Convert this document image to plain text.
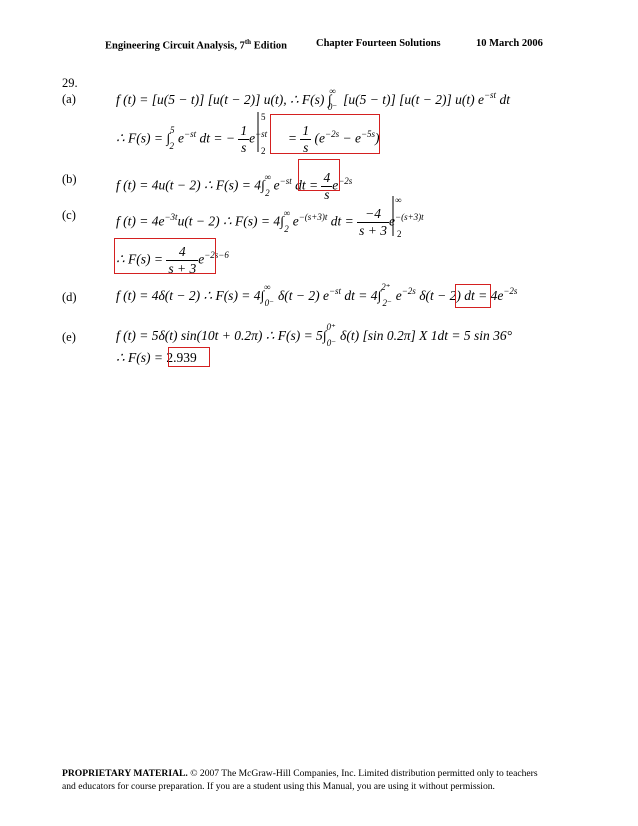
Engineering Circuit Analysis, 7th Edition	Chapter Fourteen Solutions	10 March 2006
29.
(a)	f (t) = [u(5 − t)] [u(t − 2)] u(t), ∴ F(s) $\int^\infty_{0^-}$ [u(5 − t)] [u(t − 2)] u(t) $e^{-st}$ dt
∴ F(s) = ∫$^5_2$ $e^{-st}$ dt = − $\frac{1}{s} e^{-st} = \frac{1}{s} (e^{-2s} - e^{-5s})$
5
2
(b)	f (t) = 4u(t − 2) ∴ $F(s) = 4\int^\infty_2$ $e^{-st}$ dt = $\frac{4}{s} e^{-2s}$
(c)	f $(t) = 4e^{-3t}u(t - 2)$ ∴ $F(s) = 4\int^\infty_2$ $e^{-(s+3)t}$ dt = $\frac{-4}{s + 3} e^{-(s+3)t}$
∞
2
∴ $F(s) = \frac{4}{s + 3} e^{-2s-6}$
(d)	f (t) = 4δ(t − 2) ∴ $F(s) = 4\int^\infty_{0^-}$ δ(t − 2) $e^{-st}$ dt = 4∫$^{2^+}_{2^-}$ $e^{-2s}$ δ(t − 2) dt = $4e^{-2s}$
(e)	f (t) = 5δ(t) sin(10t + 0.2π) ∴ F(s) = 5∫$^{0^+}_{0^-}$ δ(t) [sin 0.2π] X 1dt = 5 sin 36°
∴ F(s) = 2.939
PROPRIETARY MATERIAL. © 2007 The McGraw-Hill Companies, Inc. Limited distribution permitted only to teachers
and educators for course preparation. If you are a student using this Manual, you are using it without permission.
